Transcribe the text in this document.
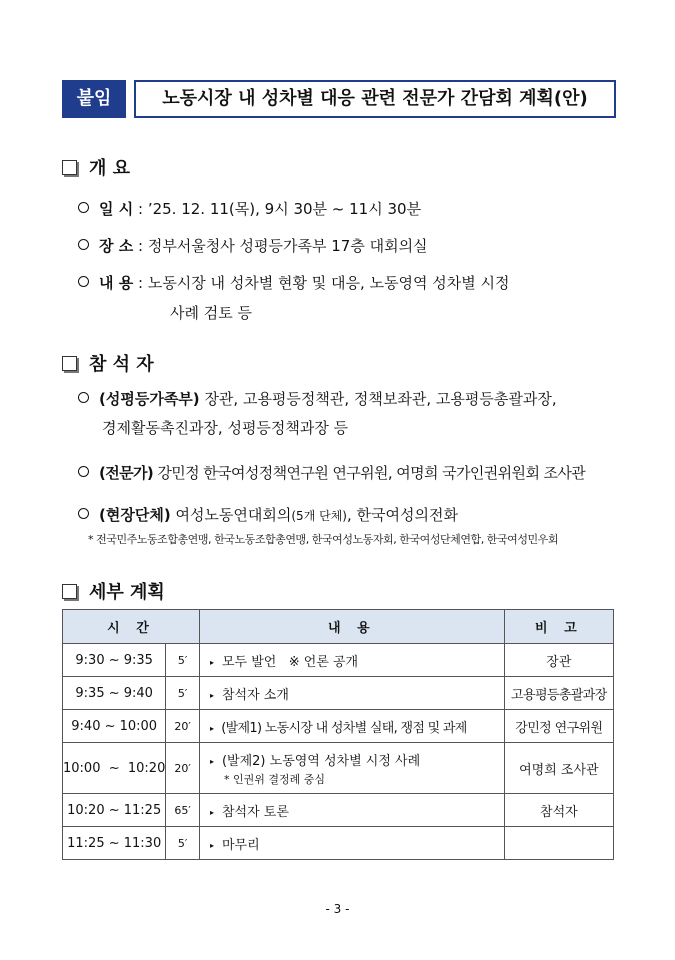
붙임	노동시장 내 성차별 대응 관련 전문가 간담회 계획(안)
개 요
일 시 : ’25. 12. 11(목), 9시 30분 ~ 11시 30분
장 소 : 정부서울청사 성평등가족부 17층 대회의실
내 용 : 노동시장 내 성차별 현황 및 대응, 노동영역 성차별 시정
사례 검토 등
참 석 자
(성평등가족부) 장관, 고용평등정책관, 정책보좌관, 고용평등총괄과장,
경제활동촉진과장, 성평등정책과장 등
(전문가) 강민정 한국여성정책연구원 연구위원, 여명희 국가인권위원회 조사관
(현장단체) 여성노동연대회의(5개 단체), 한국여성의전화
* 전국민주노동조합총연맹, 한국노동조합총연맹, 한국여성노동자회, 한국여성단체연합, 한국여성민우회
세부 계획
시 간		내 용	비 고
9:30 ~ 9:35	5′	▸ 모두 발언   ※ 언론 공개	장관
9:35 ~ 9:40	5′	▸ 참석자 소개	고용평등총괄과장
9:40 ~ 10:00	20′	▸ (발제1) 노동시장 내 성차별 실태, 쟁점 및 과제	강민정 연구위원
10:00  ~  10:20	20′	▸ (발제2) 노동영역 성차별 시정 사례
* 인권위 결정례 중심	여명희 조사관
10:20 ~ 11:25	65′	▸ 참석자 토론	참석자
11:25 ~ 11:30	5′	▸ 마무리	
- 3 -
